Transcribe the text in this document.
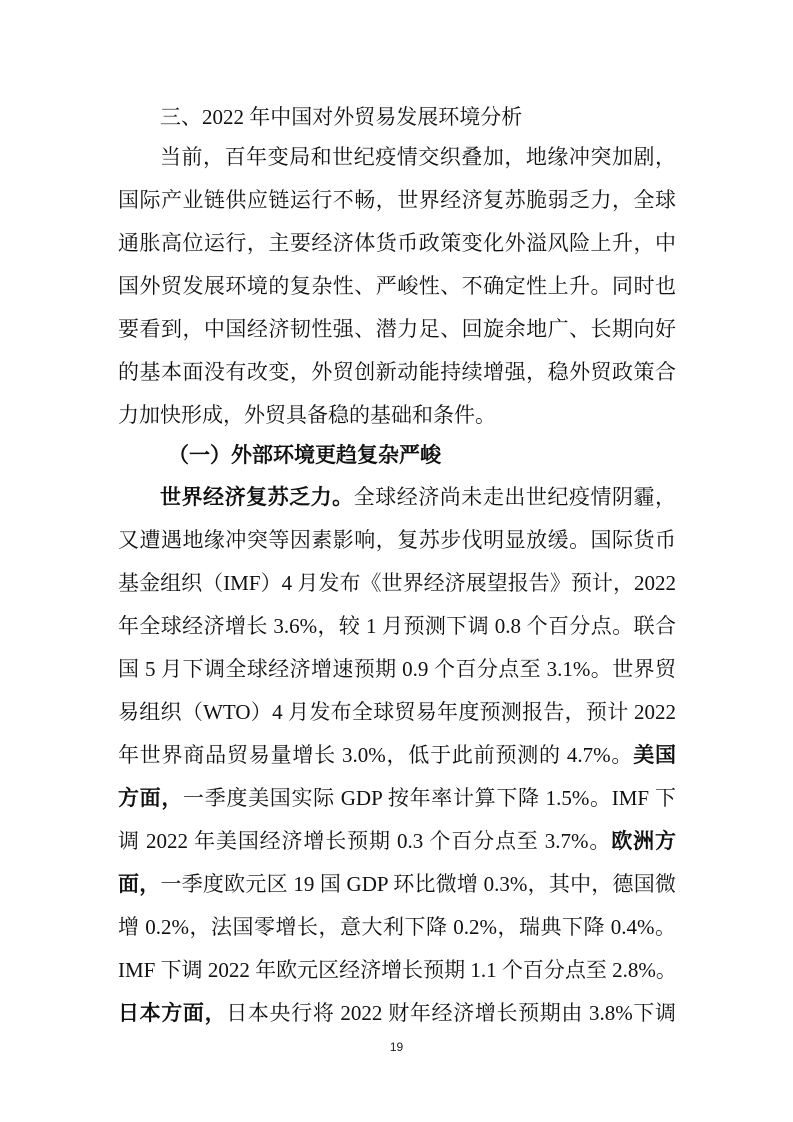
三、2022 年中国对外贸易发展环境分析
当前，百年变局和世纪疫情交织叠加，地缘冲突加剧，
国际产业链供应链运行不畅，世界经济复苏脆弱乏力，全球
通胀高位运行，主要经济体货币政策变化外溢风险上升，中
国外贸发展环境的复杂性、严峻性、不确定性上升。同时也
要看到，中国经济韧性强、潜力足、回旋余地广、长期向好
的基本面没有改变，外贸创新动能持续增强，稳外贸政策合
力加快形成，外贸具备稳的基础和条件。
（一）外部环境更趋复杂严峻
世界经济复苏乏力。全球经济尚未走出世纪疫情阴霾，
又遭遇地缘冲突等因素影响，复苏步伐明显放缓。国际货币
基金组织（IMF）4 月发布《世界经济展望报告》预计，2022
年全球经济增长 3.6%，较 1 月预测下调 0.8 个百分点。联合
国 5 月下调全球经济增速预期 0.9 个百分点至 3.1%。世界贸
易组织（WTO）4 月发布全球贸易年度预测报告，预计 2022
年世界商品贸易量增长 3.0%，低于此前预测的 4.7%。美国
方面，一季度美国实际 GDP 按年率计算下降 1.5%。IMF 下
调 2022 年美国经济增长预期 0.3 个百分点至 3.7%。欧洲方
面，一季度欧元区 19 国 GDP 环比微增 0.3%，其中，德国微
增 0.2%，法国零增长，意大利下降 0.2%，瑞典下降 0.4%。
IMF 下调 2022 年欧元区经济增长预期 1.1 个百分点至 2.8%。
日本方面，日本央行将 2022 财年经济增长预期由 3.8%下调
19
